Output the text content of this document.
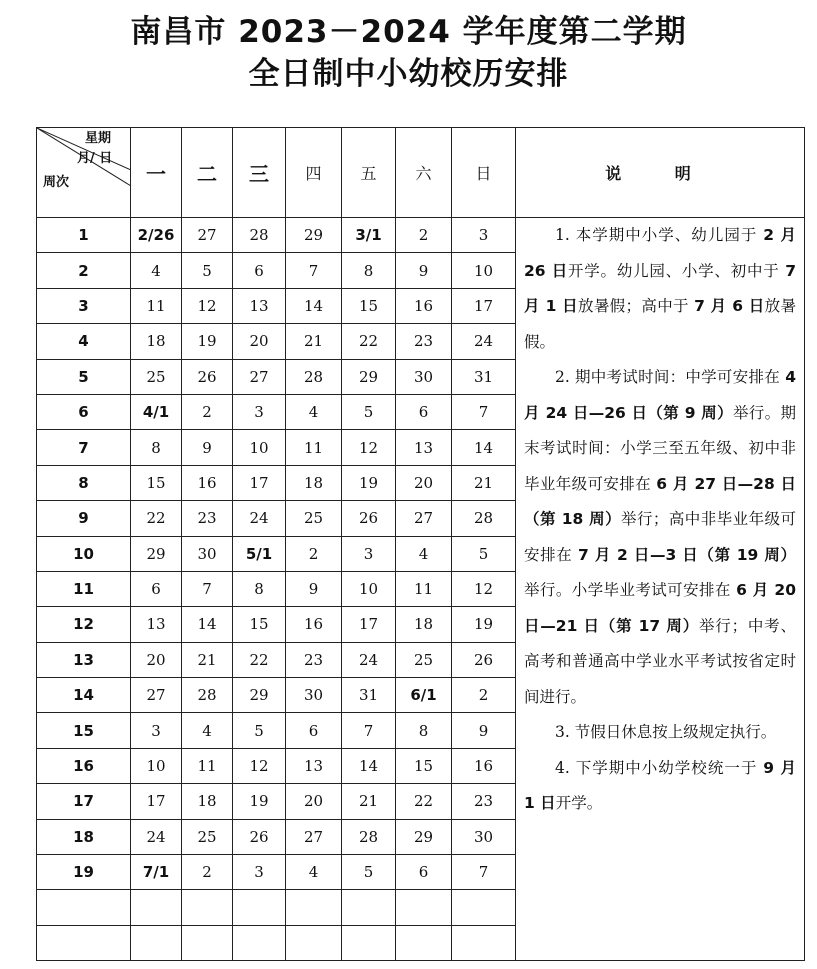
南昌市 2023－2024 学年度第二学期
全日制中小幼校历安排
星期
月/ 日
周次	一	二	三	四	五	六	日	说 明
1	2/26	27	28	29	3/1	2	3	1. 本学期中小学、幼儿园于 2 月 26 日开学。幼儿园、小学、初中于 7 月 1 日放暑假；高中于 7 月 6 日放暑假。

2. 期中考试时间：中学可安排在 4 月 24 日—26 日（第 9 周）举行。期末考试时间：小学三至五年级、初中非毕业年级可安排在 6 月 27 日—28 日（第 18 周）举行；高中非毕业年级可安排在 7 月 2 日—3 日（第 19 周）举行。小学毕业考试可安排在 6 月 20 日—21 日（第 17 周）举行；中考、高考和普通高中学业水平考试按省定时间进行。

3. 节假日休息按上级规定执行。

4. 下学期中小幼学校统一于 9 月 1 日开学。

2	4	5	6	7	8	9	10	
3	11	12	13	14	15	16	17	
4	18	19	20	21	22	23	24	
5	25	26	27	28	29	30	31	
6	4/1	2	3	4	5	6	7	
7	8	9	10	11	12	13	14	
8	15	16	17	18	19	20	21	
9	22	23	24	25	26	27	28	
10	29	30	5/1	2	3	4	5	
11	6	7	8	9	10	11	12	
12	13	14	15	16	17	18	19	
13	20	21	22	23	24	25	26	
14	27	28	29	30	31	6/1	2	
15	3	4	5	6	7	8	9	
16	10	11	12	13	14	15	16	
17	17	18	19	20	21	22	23	
18	24	25	26	27	28	29	30	
19	7/1	2	3	4	5	6	7	
